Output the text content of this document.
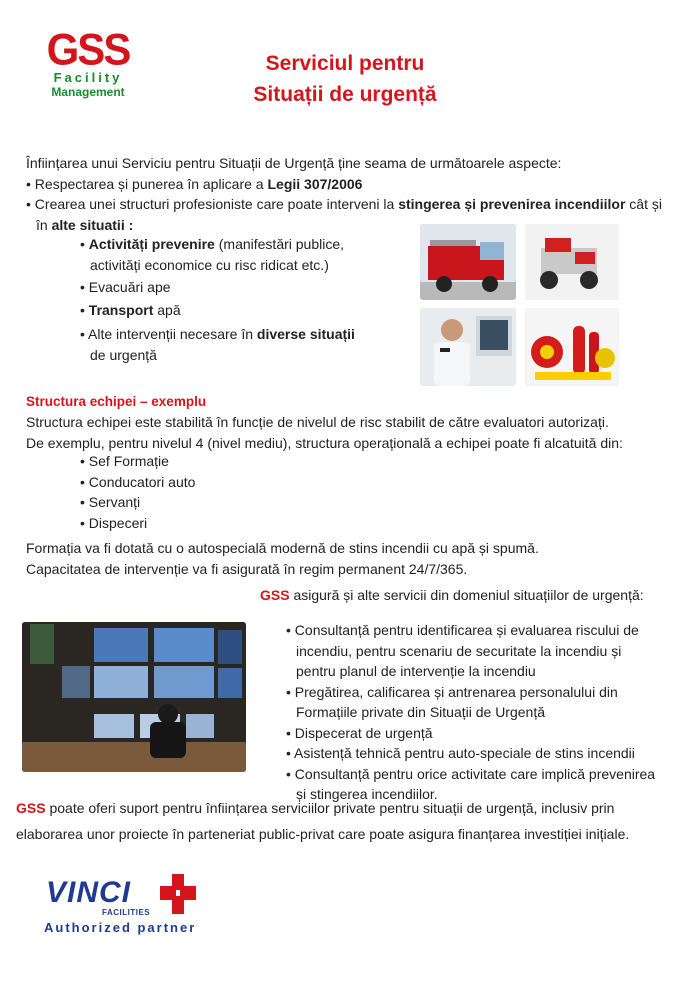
GSS
Facility
Management
Serviciul pentru
Situații de urgență
Înființarea unui Serviciu pentru Situații de Urgență ține seama de următoarele aspecte:
• Respectarea și punerea în aplicare a Legii 307/2006
• Crearea unei structuri profesioniste care poate interveni la stingerea și prevenirea incendiilor cât și
în alte situatii :
• Activități prevenire (manifestări publice,
activități economice cu risc ridicat etc.)
• Evacuări ape
• Transport apă
• Alte intervenții necesare în diverse situații
de urgență
Structura echipei – exemplu
Structura echipei este stabilită în funcție de nivelul de risc stabilit de către evaluatori autorizați.
De exemplu, pentru nivelul 4 (nivel mediu), structura operațională a echipei poate fi alcatuită din:
• Sef Formație
• Conducatori auto
• Servanți
• Dispeceri
Formația va fi dotată cu o autospecială modernă de stins incendii cu apă și spumă.
Capacitatea de intervenție va fi asigurată în regim permanent 24/7/365.
GSS asigură și alte servicii din domeniul situațiilor de urgență:
• Consultanță pentru identificarea și evaluarea riscului de
incendiu, pentru scenariu de securitate la incendiu și
pentru planul de intervenție la incendiu
• Pregătirea, calificarea și antrenarea personalului din
Formațiile private din Situații de Urgență
• Dispecerat de urgență
• Asistență tehnică pentru auto-speciale de stins incendii
• Consultanță pentru orice activitate care implică prevenirea
și stingerea incendiilor.
GSS poate oferi suport pentru înființarea serviciilor private pentru situații de urgență, inclusiv prin
elaborarea unor proiecte în parteneriat public-privat care poate asigura finanțarea investiției inițiale.
VINCI
FACILITIES
Authorized partner
